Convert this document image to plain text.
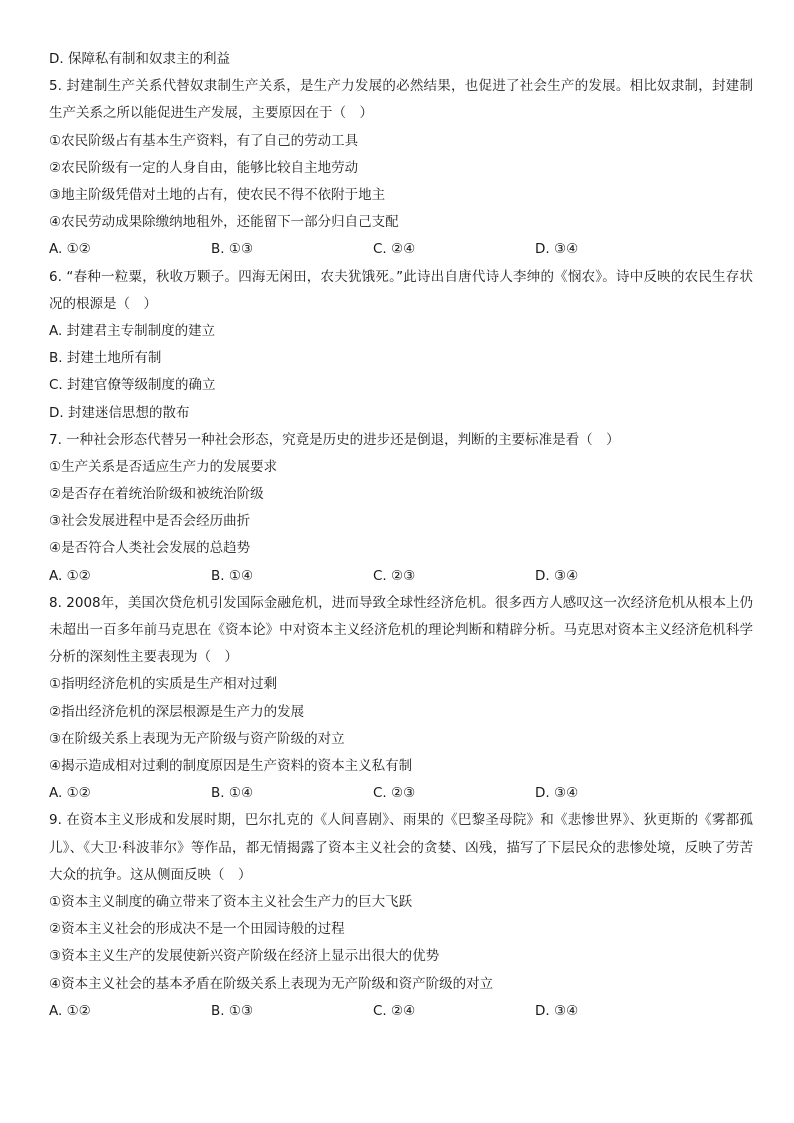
D. 保障私有制和奴隶主的利益
5. 封建制生产关系代替奴隶制生产关系，是生产力发展的必然结果，也促进了社会生产的发展。相比奴隶制，封建制生产关系之所以能促进生产发展，主要原因在于（　）
①农民阶级占有基本生产资料，有了自己的劳动工具
②农民阶级有一定的人身自由，能够比较自主地劳动
③地主阶级凭借对土地的占有，使农民不得不依附于地主
④农民劳动成果除缴纳地租外，还能留下一部分归自己支配
A. ①②	B. ①③	C. ②④	D. ③④
6. “春种一粒粟，秋收万颗子。四海无闲田，农夫犹饿死。”此诗出自唐代诗人李绅的《悯农》。诗中反映的农民生存状况的根源是（　）
A. 封建君主专制制度的建立
B. 封建土地所有制
C. 封建官僚等级制度的确立
D. 封建迷信思想的散布
7. 一种社会形态代替另一种社会形态，究竟是历史的进步还是倒退，判断的主要标准是看（　）
①生产关系是否适应生产力的发展要求
②是否存在着统治阶级和被统治阶级
③社会发展进程中是否会经历曲折
④是否符合人类社会发展的总趋势
A. ①②	B. ①④	C. ②③	D. ③④
8. 2008年，美国次贷危机引发国际金融危机，进而导致全球性经济危机。很多西方人感叹这一次经济危机从根本上仍未超出一百多年前马克思在《资本论》中对资本主义经济危机的理论判断和精辟分析。马克思对资本主义经济危机科学分析的深刻性主要表现为（　）
①指明经济危机的实质是生产相对过剩
②指出经济危机的深层根源是生产力的发展
③在阶级关系上表现为无产阶级与资产阶级的对立
④揭示造成相对过剩的制度原因是生产资料的资本主义私有制
A. ①②	B. ①④	C. ②③	D. ③④
9. 在资本主义形成和发展时期，巴尔扎克的《人间喜剧》、雨果的《巴黎圣母院》和《悲惨世界》、狄更斯的《雾都孤儿》、《大卫·科波菲尔》等作品，都无情揭露了资本主义社会的贪婪、凶残，描写了下层民众的悲惨处境，反映了劳苦大众的抗争。这从侧面反映（　）
①资本主义制度的确立带来了资本主义社会生产力的巨大飞跃
②资本主义社会的形成决不是一个田园诗般的过程
③资本主义生产的发展使新兴资产阶级在经济上显示出很大的优势
④资本主义社会的基本矛盾在阶级关系上表现为无产阶级和资产阶级的对立
A. ①②	B. ①③	C. ②④	D. ③④
